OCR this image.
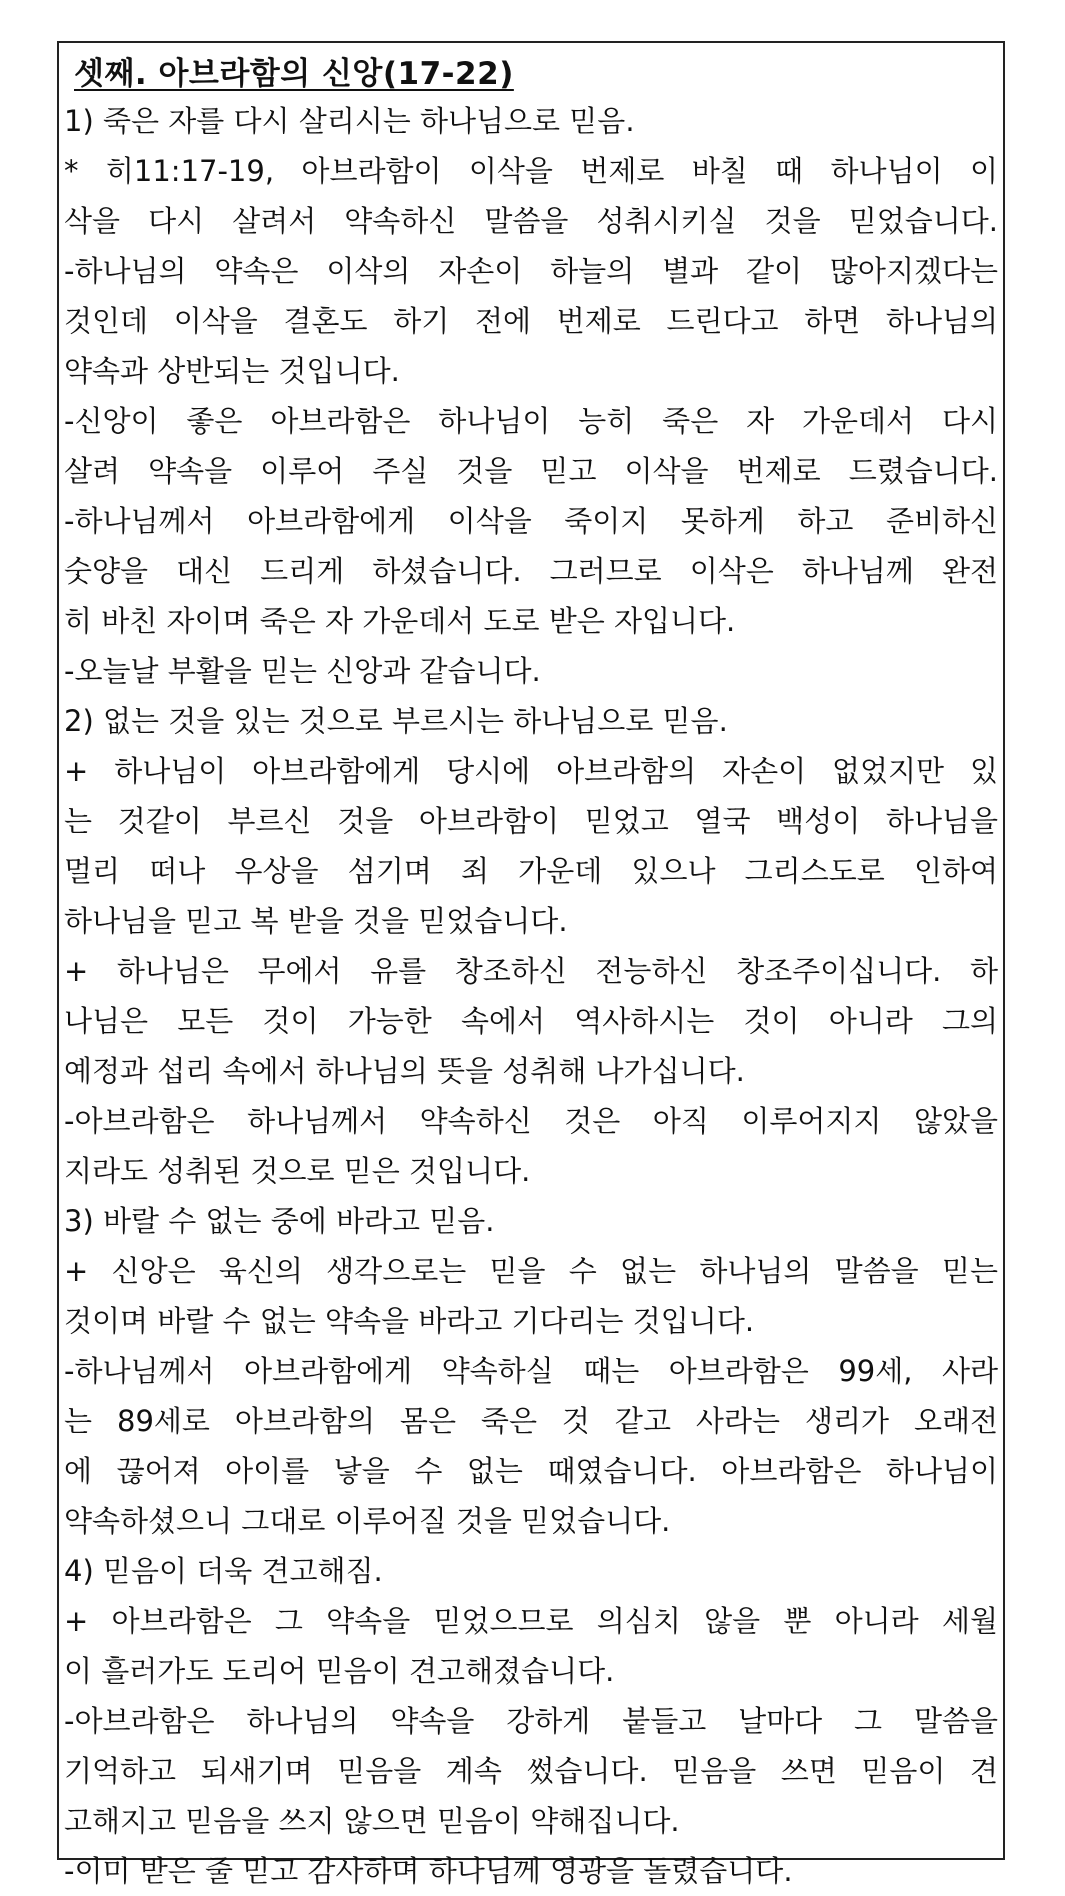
셋째. 아브라함의 신앙(17-22)
1) 죽은 자를 다시 살리시는 하나님으로 믿음.
* 히11:17-19, 아브라함이 이삭을 번제로 바칠 때 하나님이 이
삭을 다시 살려서 약속하신 말씀을 성취시키실 것을 믿었습니다.
-하나님의 약속은 이삭의 자손이 하늘의 별과 같이 많아지겠다는
것인데 이삭을 결혼도 하기 전에 번제로 드린다고 하면 하나님의
약속과 상반되는 것입니다.
-신앙이 좋은 아브라함은 하나님이 능히 죽은 자 가운데서 다시
살려 약속을 이루어 주실 것을 믿고 이삭을 번제로 드렸습니다.
-하나님께서 아브라함에게 이삭을 죽이지 못하게 하고 준비하신
숫양을 대신 드리게 하셨습니다. 그러므로 이삭은 하나님께 완전
히 바친 자이며 죽은 자 가운데서 도로 받은 자입니다.
-오늘날 부활을 믿는 신앙과 같습니다.
2) 없는 것을 있는 것으로 부르시는 하나님으로 믿음.
+ 하나님이 아브라함에게 당시에 아브라함의 자손이 없었지만 있
는 것같이 부르신 것을 아브라함이 믿었고 열국 백성이 하나님을
멀리 떠나 우상을 섬기며 죄 가운데 있으나 그리스도로 인하여
하나님을 믿고 복 받을 것을 믿었습니다.
+ 하나님은 무에서 유를 창조하신 전능하신 창조주이십니다. 하
나님은 모든 것이 가능한 속에서 역사하시는 것이 아니라 그의
예정과 섭리 속에서 하나님의 뜻을 성취해 나가십니다.
-아브라함은 하나님께서 약속하신 것은 아직 이루어지지 않았을
지라도 성취된 것으로 믿은 것입니다.
3) 바랄 수 없는 중에 바라고 믿음.
+ 신앙은 육신의 생각으로는 믿을 수 없는 하나님의 말씀을 믿는
것이며 바랄 수 없는 약속을 바라고 기다리는 것입니다.
-하나님께서 아브라함에게 약속하실 때는 아브라함은 99세, 사라
는 89세로 아브라함의 몸은 죽은 것 같고 사라는 생리가 오래전
에 끊어져 아이를 낳을 수 없는 때였습니다. 아브라함은 하나님이
약속하셨으니 그대로 이루어질 것을 믿었습니다.
4) 믿음이 더욱 견고해짐.
+ 아브라함은 그 약속을 믿었으므로 의심치 않을 뿐 아니라 세월
이 흘러가도 도리어 믿음이 견고해졌습니다.
-아브라함은 하나님의 약속을 강하게 붙들고 날마다 그 말씀을
기억하고 되새기며 믿음을 계속 썼습니다. 믿음을 쓰면 믿음이 견
고해지고 믿음을 쓰지 않으면 믿음이 약해집니다.
-이미 받은 줄 믿고 감사하며 하나님께 영광을 돌렸습니다.
